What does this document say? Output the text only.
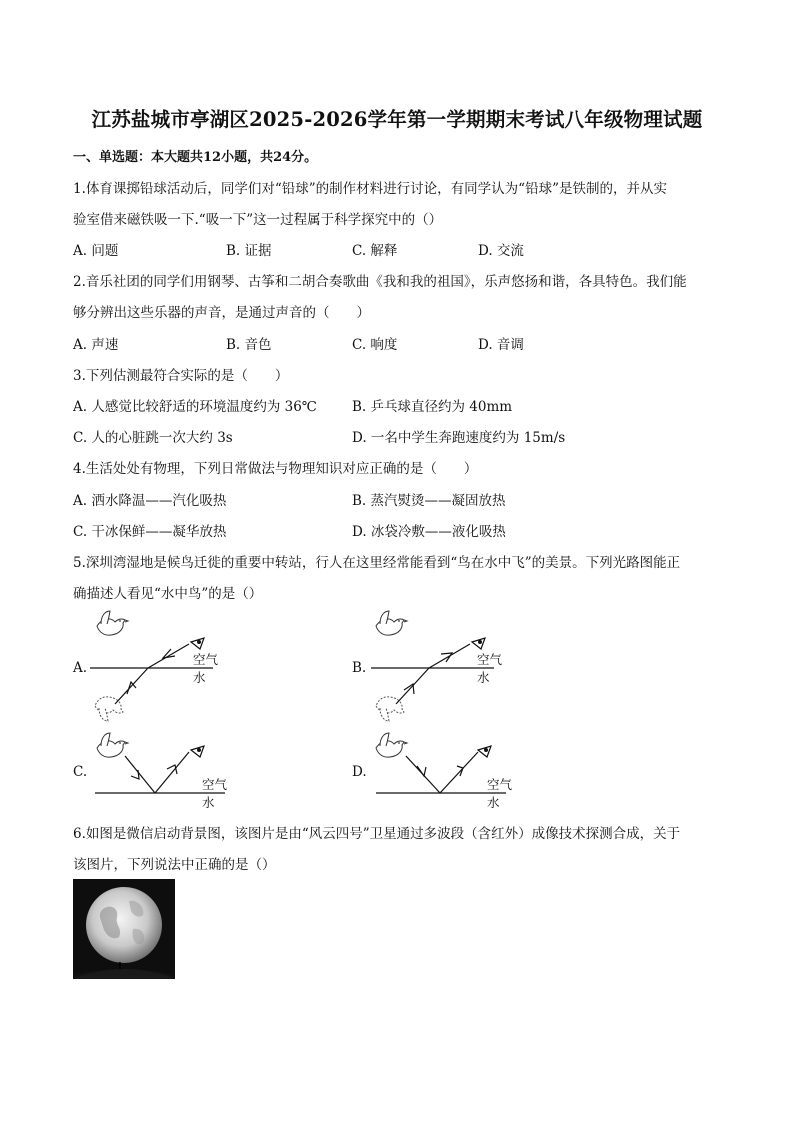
江苏盐城市亭湖区2025-2026学年第一学期期末考试八年级物理试题
一、单选题：本大题共12小题，共24分。
1.体育课掷铅球活动后，同学们对“铅球”的制作材料进行讨论，有同学认为“铅球”是铁制的，并从实
验室借来磁铁吸一下.“吸一下”这一过程属于科学探究中的（）
A. 问题	B. 证据	C. 解释	D. 交流
2.音乐社团的同学们用钢琴、古筝和二胡合奏歌曲《我和我的祖国》，乐声悠扬和谐，各具特色。我们能
够分辨出这些乐器的声音，是通过声音的（　　）
A. 声速	B. 音色	C. 响度	D. 音调
3.下列估测最符合实际的是（　　）
A. 人感觉比较舒适的环境温度约为 36℃	B. 乒乓球直径约为 40mm
C. 人的心脏跳一次大约 3s	D. 一名中学生奔跑速度约为 15m/s
4.生活处处有物理，下列日常做法与物理知识对应正确的是（　　）
A. 洒水降温——汽化吸热	B. 蒸汽熨烫——凝固放热
C. 干冰保鲜——凝华放热	D. 冰袋冷敷——液化吸热
5.深圳湾湿地是候鸟迁徙的重要中转站，行人在这里经常能看到“鸟在水中飞”的美景。下列光路图能正
确描述人看见“水中鸟”的是（）
A.
空气
水
B.
空气
水
C.
空气
水
D.
空气
水
6.如图是微信启动背景图，该图片是由“风云四号”卫星通过多波段（含红外）成像技术探测合成，关于
该图片，下列说法中正确的是（）
